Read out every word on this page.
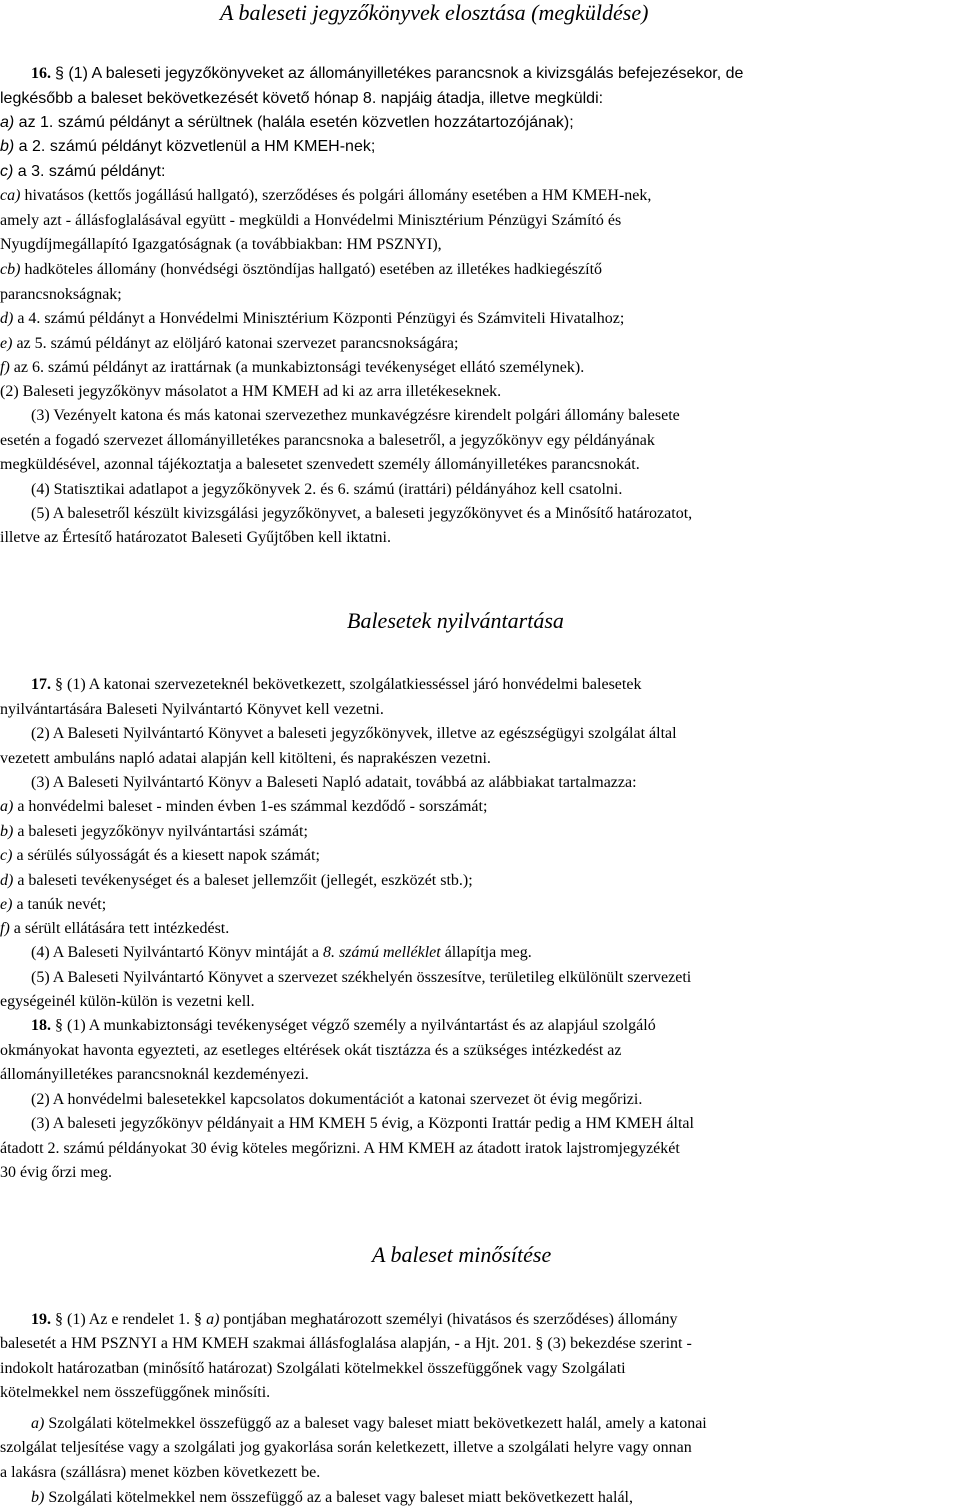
A baleseti jegyzőkönyvek elosztása (megküldése)
Balesetek nyilvántartása
A baleset minősítése
16. § (1) A baleseti jegyzőkönyveket az állományilletékes parancsnok a kivizsgálás befejezésekor, de
legkésőbb a baleset bekövetkezését követő hónap 8. napjáig átadja, illetve megküldi:
a) az 1. számú példányt a sérültnek (halála esetén közvetlen hozzátartozójának);
b) a 2. számú példányt közvetlenül a HM KMEH-nek;
c) a 3. számú példányt:
ca) hivatásos (kettős jogállású hallgató), szerződéses és polgári állomány esetében a HM KMEH-nek,
amely azt - állásfoglalásával együtt - megküldi a Honvédelmi Minisztérium Pénzügyi Számító és
Nyugdíjmegállapító Igazgatóságnak (a továbbiakban: HM PSZNYI),
cb) hadköteles állomány (honvédségi ösztöndíjas hallgató) esetében az illetékes hadkiegészítő
parancsnokságnak;
d) a 4. számú példányt a Honvédelmi Minisztérium Központi Pénzügyi és Számviteli Hivatalhoz;
e) az 5. számú példányt az elöljáró katonai szervezet parancsnokságára;
f) az 6. számú példányt az irattárnak (a munkabiztonsági tevékenységet ellátó személynek).
(2) Baleseti jegyzőkönyv másolatot a HM KMEH ad ki az arra illetékeseknek.
(3) Vezényelt katona és más katonai szervezethez munkavégzésre kirendelt polgári állomány balesete
esetén a fogadó szervezet állományilletékes parancsnoka a balesetről, a jegyzőkönyv egy példányának
megküldésével, azonnal tájékoztatja a balesetet szenvedett személy állományilletékes parancsnokát.
(4) Statisztikai adatlapot a jegyzőkönyvek 2. és 6. számú (irattári) példányához kell csatolni.
(5) A balesetről készült kivizsgálási jegyzőkönyvet, a baleseti jegyzőkönyvet és a Minősítő határozatot,
illetve az Értesítő határozatot Baleseti Gyűjtőben kell iktatni.
17. § (1) A katonai szervezeteknél bekövetkezett, szolgálatkiesséssel járó honvédelmi balesetek
nyilvántartására Baleseti Nyilvántartó Könyvet kell vezetni.
(2) A Baleseti Nyilvántartó Könyvet a baleseti jegyzőkönyvek, illetve az egészségügyi szolgálat által
vezetett ambuláns napló adatai alapján kell kitölteni, és naprakészen vezetni.
(3) A Baleseti Nyilvántartó Könyv a Baleseti Napló adatait, továbbá az alábbiakat tartalmazza:
a) a honvédelmi baleset - minden évben 1-es számmal kezdődő - sorszámát;
b) a baleseti jegyzőkönyv nyilvántartási számát;
c) a sérülés súlyosságát és a kiesett napok számát;
d) a baleseti tevékenységet és a baleset jellemzőit (jellegét, eszközét stb.);
e) a tanúk nevét;
f) a sérült ellátására tett intézkedést.
(4) A Baleseti Nyilvántartó Könyv mintáját a 8. számú melléklet állapítja meg.
(5) A Baleseti Nyilvántartó Könyvet a szervezet székhelyén összesítve, területileg elkülönült szervezeti
egységeinél külön-külön is vezetni kell.
18. § (1) A munkabiztonsági tevékenységet végző személy a nyilvántartást és az alapjául szolgáló
okmányokat havonta egyezteti, az esetleges eltérések okát tisztázza és a szükséges intézkedést az
állományilletékes parancsnoknál kezdeményezi.
(2) A honvédelmi balesetekkel kapcsolatos dokumentációt a katonai szervezet öt évig megőrizi.
(3) A baleseti jegyzőkönyv példányait a HM KMEH 5 évig, a Központi Irattár pedig a HM KMEH által
átadott 2. számú példányokat 30 évig köteles megőrizni. A HM KMEH az átadott iratok lajstromjegyzékét
30 évig őrzi meg.
19. § (1) Az e rendelet 1. § a) pontjában meghatározott személyi (hivatásos és szerződéses) állomány
balesetét a HM PSZNYI a HM KMEH szakmai állásfoglalása alapján, - a Hjt. 201. § (3) bekezdése szerint -
indokolt határozatban (minősítő határozat) Szolgálati kötelmekkel összefüggőnek vagy Szolgálati
kötelmekkel nem összefüggőnek minősíti.
a) Szolgálati kötelmekkel összefüggő az a baleset vagy baleset miatt bekövetkezett halál, amely a katonai
szolgálat teljesítése vagy a szolgálati jog gyakorlása során keletkezett, illetve a szolgálati helyre vagy onnan
a lakásra (szállásra) menet közben következett be.
b) Szolgálati kötelmekkel nem összefüggő az a baleset vagy baleset miatt bekövetkezett halál,
